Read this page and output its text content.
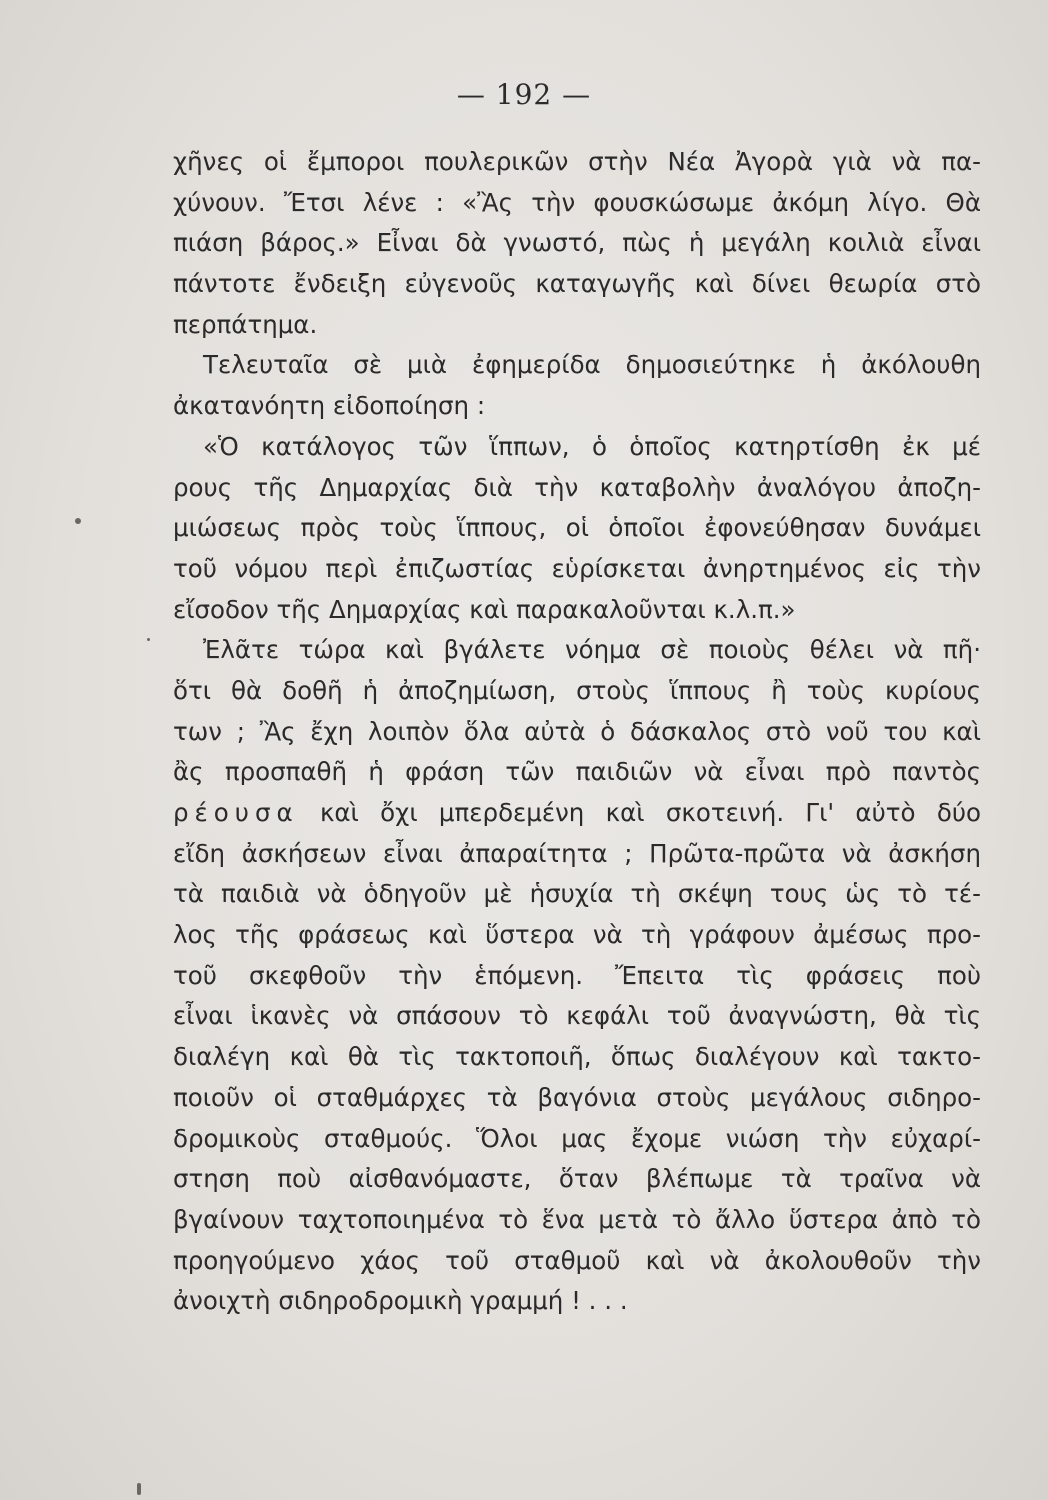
— 192 —
χῆνες οἱ ἔμποροι πουλερικῶν στὴν Νέα Ἀγορὰ γιὰ νὰ πα-
χύνουν. Ἔτσι λένε : «Ἂς τὴν φουσκώσωμε ἀκόμη λίγο. Θὰ
πιάση βάρος.» Εἶναι δὰ γνωστό, πὼς ἡ μεγάλη κοιλιὰ εἶναι
πάντοτε ἔνδειξη εὐγενοῦς καταγωγῆς καὶ δίνει θεωρία στὸ
περπάτημα.
Τελευταῖα σὲ μιὰ ἐφημερίδα δημοσιεύτηκε ἡ ἀκόλουθη
ἀκατανόητη εἰδοποίηση :
«Ὁ κατάλογος τῶν ἵππων, ὁ ὁποῖος κατηρτίσθη ἐκ μέ
ρους τῆς Δημαρχίας διὰ τὴν καταβολὴν ἀναλόγου ἀποζη-
μιώσεως πρὸς τοὺς ἵππους, οἱ ὁποῖοι ἐφονεύθησαν δυνάμει
τοῦ νόμου περὶ ἐπιζωστίας εὑρίσκεται ἀνηρτημένος εἰς τὴν
εἴσοδον τῆς Δημαρχίας καὶ παρακαλοῦνται κ.λ.π.»
Ἐλᾶτε τώρα καὶ βγάλετε νόημα σὲ ποιοὺς θέλει νὰ πῆ·
ὅτι θὰ δοθῆ ἡ ἀποζημίωση, στοὺς ἵππους ἢ τοὺς κυρίους
των ; Ἂς ἔχη λοιπὸν ὅλα αὐτὰ ὁ δάσκαλος στὸ νοῦ του καὶ
ἂς προσπαθῆ ἡ φράση τῶν παιδιῶν νὰ εἶναι πρὸ παντὸς
ρέουσα καὶ ὄχι μπερδεμένη καὶ σκοτεινή. Γι' αὐτὸ δύο
εἴδη ἀσκήσεων εἶναι ἀπαραίτητα ; Πρῶτα-πρῶτα νὰ ἀσκήση
τὰ παιδιὰ νὰ ὁδηγοῦν μὲ ἡσυχία τὴ σκέψη τους ὡς τὸ τέ-
λος τῆς φράσεως καὶ ὕστερα νὰ τὴ γράφουν ἀμέσως προ-
τοῦ σκεφθοῦν τὴν ἑπόμενη. Ἔπειτα τὶς φράσεις ποὺ
εἶναι ἱκανὲς νὰ σπάσουν τὸ κεφάλι τοῦ ἀναγνώστη, θὰ τὶς
διαλέγη καὶ θὰ τὶς τακτοποιῆ, ὅπως διαλέγουν καὶ τακτο-
ποιοῦν οἱ σταθμάρχες τὰ βαγόνια στοὺς μεγάλους σιδηρο-
δρομικοὺς σταθμούς. Ὅλοι μας ἔχομε νιώση τὴν εὐχαρί-
στηση ποὺ αἰσθανόμαστε, ὅταν βλέπωμε τὰ τραῖνα νὰ
βγαίνουν ταχτοποιημένα τὸ ἕνα μετὰ τὸ ἄλλο ὕστερα ἀπὸ τὸ
προηγούμενο χάος τοῦ σταθμοῦ καὶ νὰ ἀκολουθοῦν τὴν
ἀνοιχτὴ σιδηροδρομικὴ γραμμή ! . . .
